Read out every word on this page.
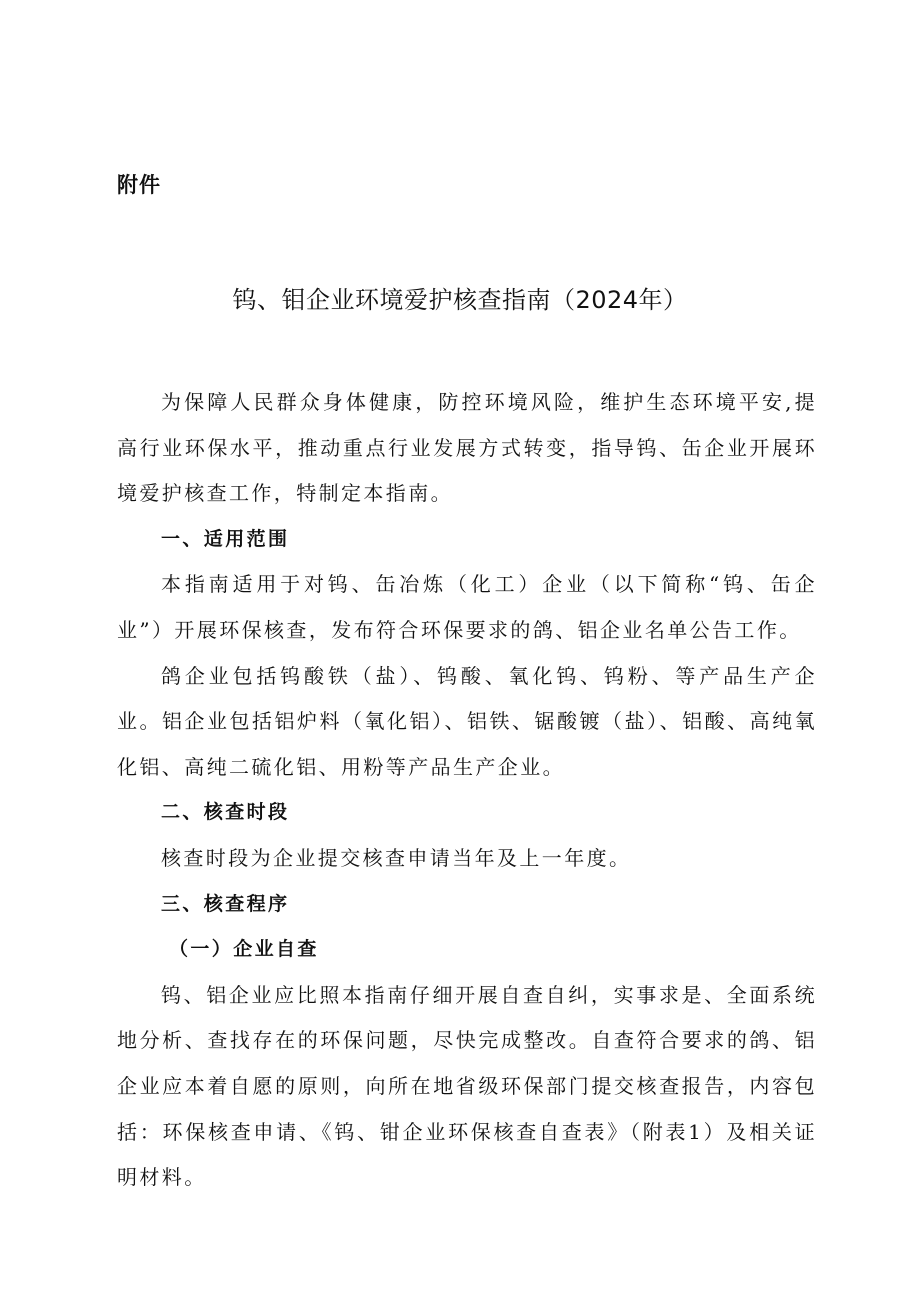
附件
钨、钼企业环境爱护核查指南（2024年）

为保障人民群众身体健康，防控环境风险，维护生态环境平安,提高行业环保水平，推动重点行业发展方式转变，指导钨、缶企业开展环境爱护核查工作，特制定本指南。

一、适用范围

本指南适用于对钨、缶冶炼（化工）企业（以下简称“钨、缶企业”）开展环保核查，发布符合环保要求的鸽、铝企业名单公告工作。

鸽企业包括钨酸铁（盐）、钨酸、氧化钨、钨粉、等产品生产企业。铝企业包括铝炉料（氧化铝）、铝铁、锯酸镀（盐）、铝酸、高纯氧化铝、高纯二硫化铝、用粉等产品生产企业。

二、核查时段

核查时段为企业提交核查申请当年及上一年度。

三、核查程序

（一）企业自查

钨、铝企业应比照本指南仔细开展自查自纠，实事求是、全面系统地分析、查找存在的环保问题，尽快完成整改。自查符合要求的鸽、铝企业应本着自愿的原则，向所在地省级环保部门提交核查报告，内容包括：环保核查申请、《钨、钳企业环保核查自查表》（附表1）及相关证明材料。
